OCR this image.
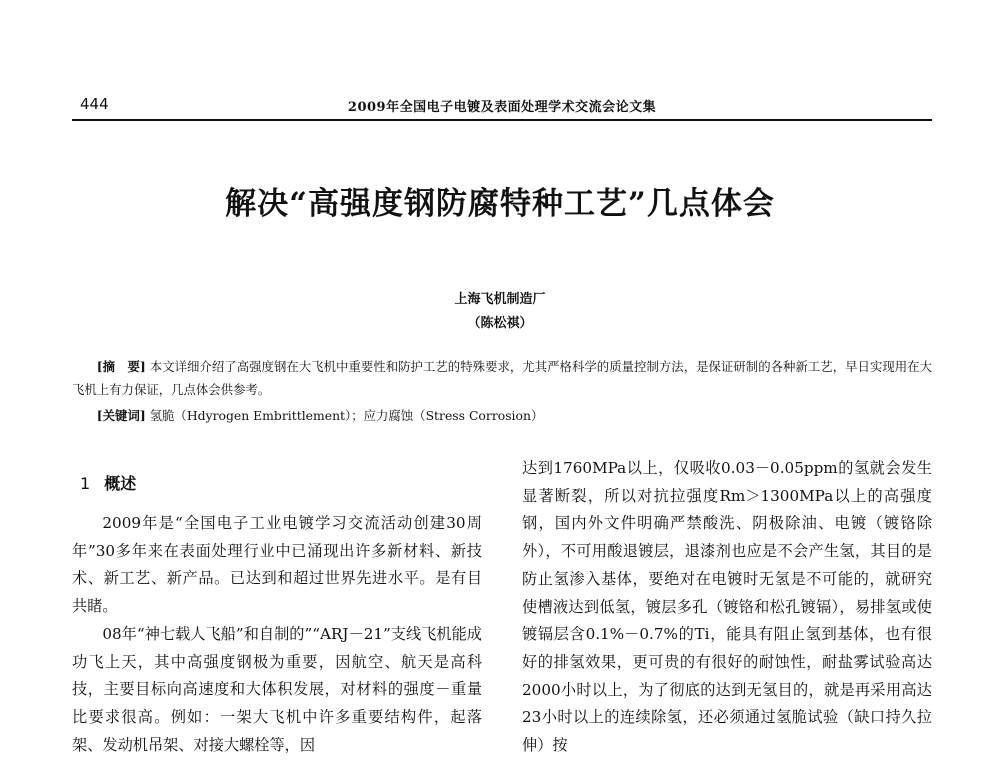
444	2009年全国电子电镀及表面处理学术交流会论文集
解决“高强度钢防腐特种工艺”几点体会
上海飞机制造厂
（陈松祺）
[摘　要] 本文详细介绍了高强度钢在大飞机中重要性和防护工艺的特殊要求，尤其严格科学的质量控制方法，是保证研制的各种新工艺，早日实现用在大飞机上有力保证，几点体会供参考。
[关键词] 氢脆（Hdyrogen Embrittlement）；应力腐蚀（Stress Corrosion）
1 概述

2009年是“全国电子工业电镀学习交流活动创建30周年”30多年来在表面处理行业中已涌现出许多新材料、新技术、新工艺、新产品。已达到和超过世界先进水平。是有目共睹。

08年“神七载人飞船”和自制的”“ARJ－21”支线飞机能成功飞上天，其中高强度钢极为重要，因航空、航天是高科技，主要目标向高速度和大体积发展，对材料的强度－重量比要求很高。例如：一架大飞机中许多重要结构件，起落架、发动机吊架、对接大螺栓等，因

达到1760MPa以上，仅吸收0.03－0.05ppm的氢就会发生显著断裂，所以对抗拉强度Rm＞1300MPa以上的高强度钢，国内外文件明确严禁酸洗、阴极除油、电镀（镀铬除外），不可用酸退镀层，退漆剂也应是不会产生氢，其目的是防止氢渗入基体，要绝对在电镀时无氢是不可能的，就研究使槽液达到低氢，镀层多孔（镀铬和松孔镀镉），易排氢或使镀镉层含0.1%－0.7%的Ti，能具有阻止氢到基体，也有很好的排氢效果，更可贵的有很好的耐蚀性，耐盐雾试验高达2000小时以上，为了彻底的达到无氢目的，就是再采用高达23小时以上的连续除氢，还必须通过氢脆试验（缺口持久拉伸）按
